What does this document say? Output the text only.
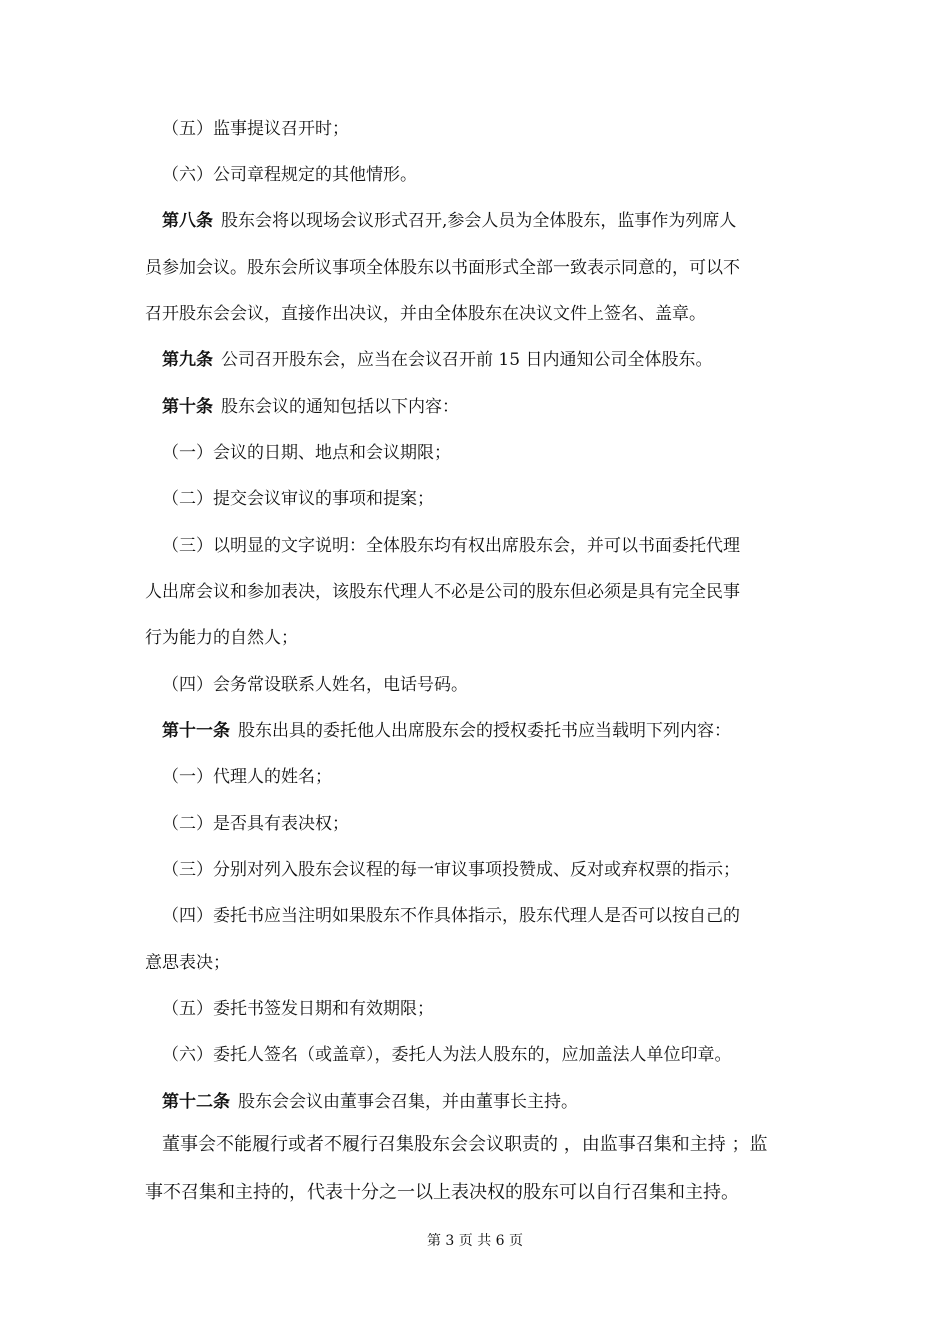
（五）监事提议召开时；
（六）公司章程规定的其他情形。
第八条 股东会将以现场会议形式召开,参会人员为全体股东，监事作为列席人
员参加会议。股东会所议事项全体股东以书面形式全部一致表示同意的，可以不
召开股东会会议，直接作出决议，并由全体股东在决议文件上签名、盖章。
第九条 公司召开股东会，应当在会议召开前 15 日内通知公司全体股东。
第十条 股东会议的通知包括以下内容：
（一）会议的日期、地点和会议期限；
（二）提交会议审议的事项和提案；
（三）以明显的文字说明：全体股东均有权出席股东会，并可以书面委托代理
人出席会议和参加表决，该股东代理人不必是公司的股东但必须是具有完全民事
行为能力的自然人；
（四）会务常设联系人姓名，电话号码。
第十一条 股东出具的委托他人出席股东会的授权委托书应当载明下列内容：
（一）代理人的姓名；
（二）是否具有表决权；
（三）分别对列入股东会议程的每一审议事项投赞成、反对或弃权票的指示；
（四）委托书应当注明如果股东不作具体指示，股东代理人是否可以按自己的
意思表决；
（五）委托书签发日期和有效期限；
（六）委托人签名（或盖章），委托人为法人股东的，应加盖法人单位印章。
第十二条 股东会会议由董事会召集，并由董事长主持。
董事会不能履行或者不履行召集股东会会议职责的 ，由监事召集和主持 ；监
事不召集和主持的，代表十分之一以上表决权的股东可以自行召集和主持。
第 3 页 共 6 页
